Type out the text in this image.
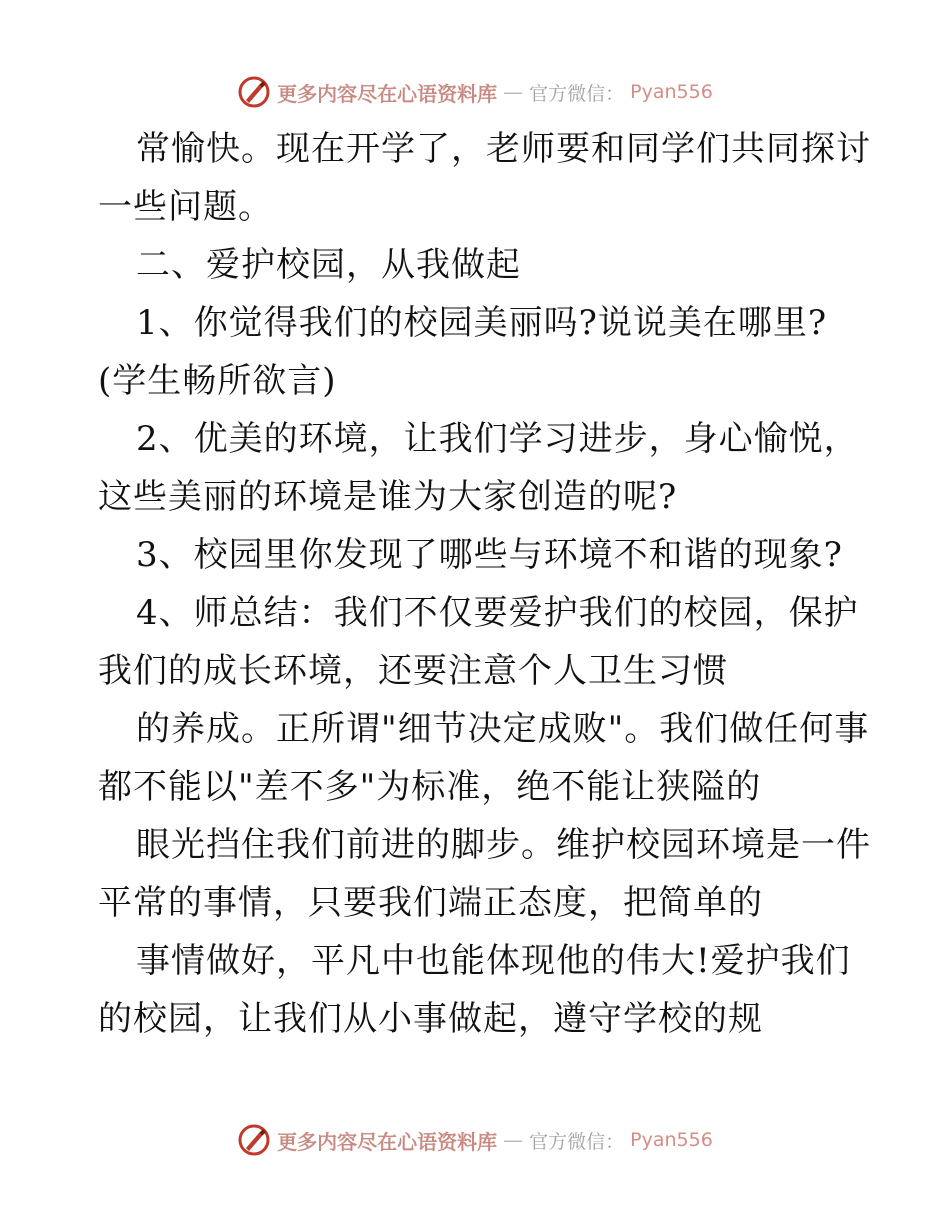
更多内容尽在心语资料库 — 官方微信： Pyan556
常愉快。现在开学了，老师要和同学们共同探讨
一些问题。
二、爱护校园，从我做起
1、你觉得我们的校园美丽吗?说说美在哪里?
(学生畅所欲言)
2、优美的环境，让我们学习进步，身心愉悦，
这些美丽的环境是谁为大家创造的呢?
3、校园里你发现了哪些与环境不和谐的现象?
4、师总结：我们不仅要爱护我们的校园，保护
我们的成长环境，还要注意个人卫生习惯
的养成。正所谓"细节决定成败"。我们做任何事
都不能以"差不多"为标准，绝不能让狭隘的
眼光挡住我们前进的脚步。维护校园环境是一件
平常的事情，只要我们端正态度，把简单的
事情做好，平凡中也能体现他的伟大!爱护我们
的校园，让我们从小事做起，遵守学校的规
更多内容尽在心语资料库 — 官方微信： Pyan556
